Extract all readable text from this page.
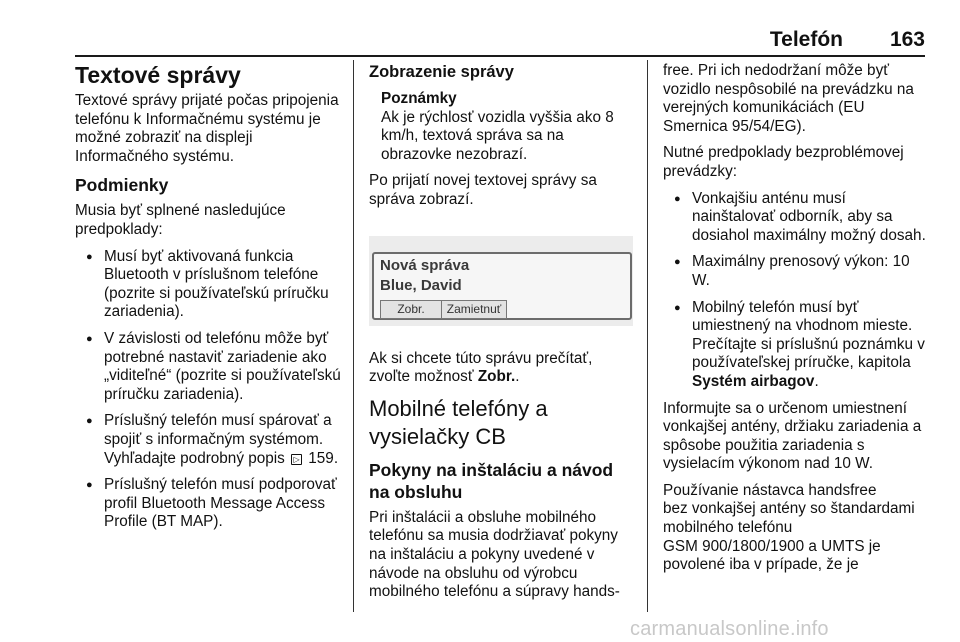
Telefón 163
Textové správy

Textové správy prijaté počas pripojenia telefónu k Informačnému systému je možné zobraziť na displeji Informačného systému.

Podmienky

Musia byť splnené nasledujúce predpoklady:

● Musí byť aktivovaná funkcia Bluetooth v príslušnom telefóne (pozrite si používateľskú príručku zariadenia).
● V závislosti od telefónu môže byť potrebné nastaviť zariadenie ako „viditeľné“ (pozrite si používateľskú príručku zariadenia).
● Príslušný telefón musí spárovať a spojiť s informačným systémom. Vyhľadajte podrobný popis ▷ 159.
● Príslušný telefón musí podporovať profil Bluetooth Message Access Profile (BT MAP).
Zobrazenie správy
Poznámky
Ak je rýchlosť vozidla vyššia ako 8 km/h, textová správa sa na obrazovke nezobrazí.

Po prijatí novej textovej správy sa správa zobrazí.

Nová správa
Blue, David
Zobr.	Zamietnuť

Ak si chcete túto správu prečítať, zvoľte možnosť Zobr..

Mobilné telefóny a vysielačky CB
Pokyny na inštaláciu a návod na obsluhu

Pri inštalácii a obsluhe mobilného telefónu sa musia dodržiavať pokyny na inštaláciu a pokyny uvedené v návode na obsluhu od výrobcu mobilného telefónu a súpravy hands-

free. Pri ich nedodržaní môže byť vozidlo nespôsobilé na prevádzku na verejných komunikáciách (EU Smernica 95/54/EG).

Nutné predpoklady bezproblémovej prevádzky:

● Vonkajšiu anténu musí nainštalovať odborník, aby sa dosiahol maximálny možný dosah.
● Maximálny prenosový výkon: 10 W.
● Mobilný telefón musí byť umiestnený na vhodnom mieste. Prečítajte si príslušnú poznámku v používateľskej príručke, kapitola Systém airbagov.

Informujte sa o určenom umiestnení vonkajšej antény, držiaku zariadenia a spôsobe použitia zariadenia s vysielacím výkonom nad 10 W.

Používanie nástavca handsfree
bez vonkajšej antény so štandardami mobilného telefónu
GSM 900/1800/1900 a UMTS je povolené iba v prípade, že je

carmanualsonline.info
